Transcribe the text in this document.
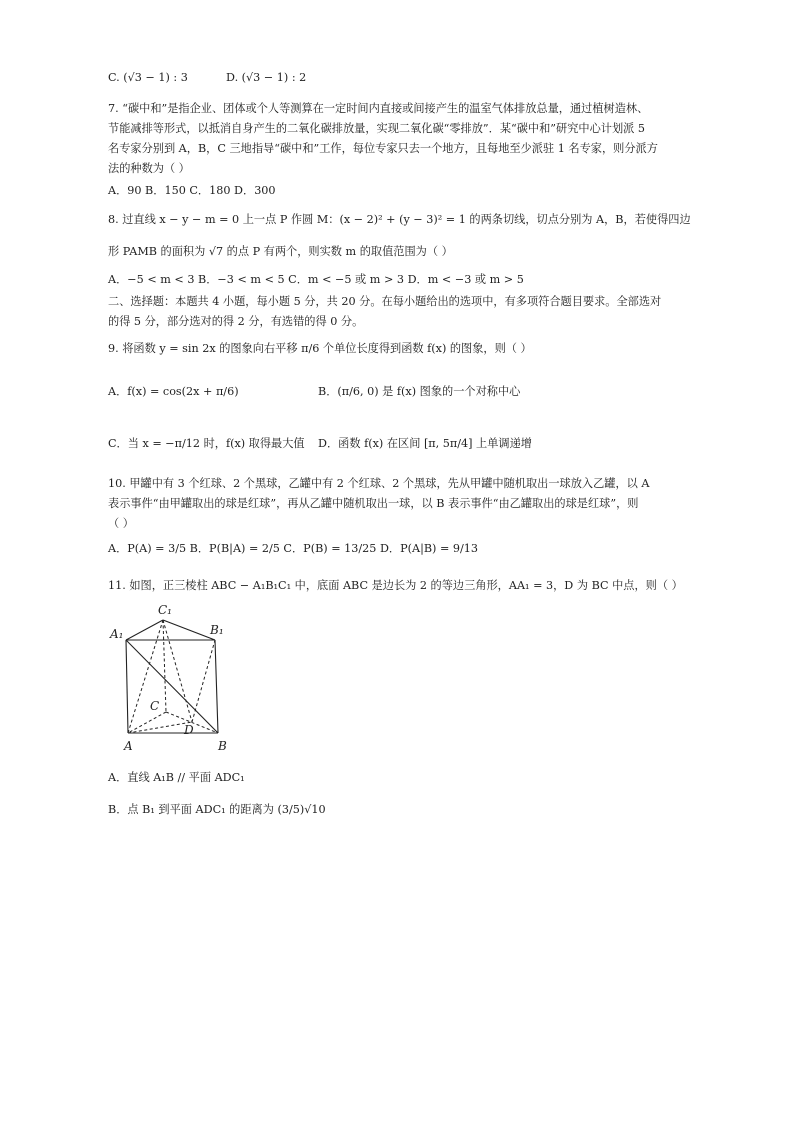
C. (√3 − 1) : 3	D. (√3 − 1) : 2
7. “碳中和”是指企业、团体或个人等测算在一定时间内直接或间接产生的温室气体排放总量，通过植树造林、
节能减排等形式，以抵消自身产生的二氧化碳排放量，实现二氧化碳“零排放”．某“碳中和”研究中心计划派 5
名专家分别到 A，B，C 三地指导“碳中和”工作，每位专家只去一个地方，且每地至少派驻 1 名专家，则分派方
法的种数为（ ）
A．90 B．150 C．180 D．300
8. 过直线 x − y − m = 0 上一点 P 作圆 M：(x − 2)² + (y − 3)² = 1 的两条切线，切点分别为 A，B，若使得四边
形 PAMB 的面积为 √7 的点 P 有两个，则实数 m 的取值范围为（ ）
A．−5 < m < 3 B．−3 < m < 5 C．m < −5 或 m > 3 D．m < −3 或 m > 5
二、选择题：本题共 4 小题，每小题 5 分，共 20 分。在每小题给出的选项中，有多项符合题目要求。全部选对
的得 5 分，部分选对的得 2 分，有选错的得 0 分。
9. 将函数 y = sin 2x 的图象向右平移 π/6 个单位长度得到函数 f(x) 的图象，则（ ）
A．f(x) = cos(2x + π/6)	B．(π/6, 0) 是 f(x) 图象的一个对称中心
C．当 x = −π/12 时，f(x) 取得最大值 D．函数 f(x) 在区间 [π, 5π/4] 上单调递增
10. 甲罐中有 3 个红球、2 个黑球，乙罐中有 2 个红球、2 个黑球，先从甲罐中随机取出一球放入乙罐，以 A
表示事件“由甲罐取出的球是红球”，再从乙罐中随机取出一球，以 B 表示事件“由乙罐取出的球是红球”，则
（ ）
A．P(A) = 3/5 B．P(B|A) = 2/5 C．P(B) = 13/25 D．P(A|B) = 9/13
11. 如图，正三棱柱 ABC − A₁B₁C₁ 中，底面 ABC 是边长为 2 的等边三角形，AA₁ = 3，D 为 BC 中点，则（ ）
C₁
A₁	B₁
C
D
A	B
A．直线 A₁B // 平面 ADC₁
B．点 B₁ 到平面 ADC₁ 的距离为 (3/5)√10
